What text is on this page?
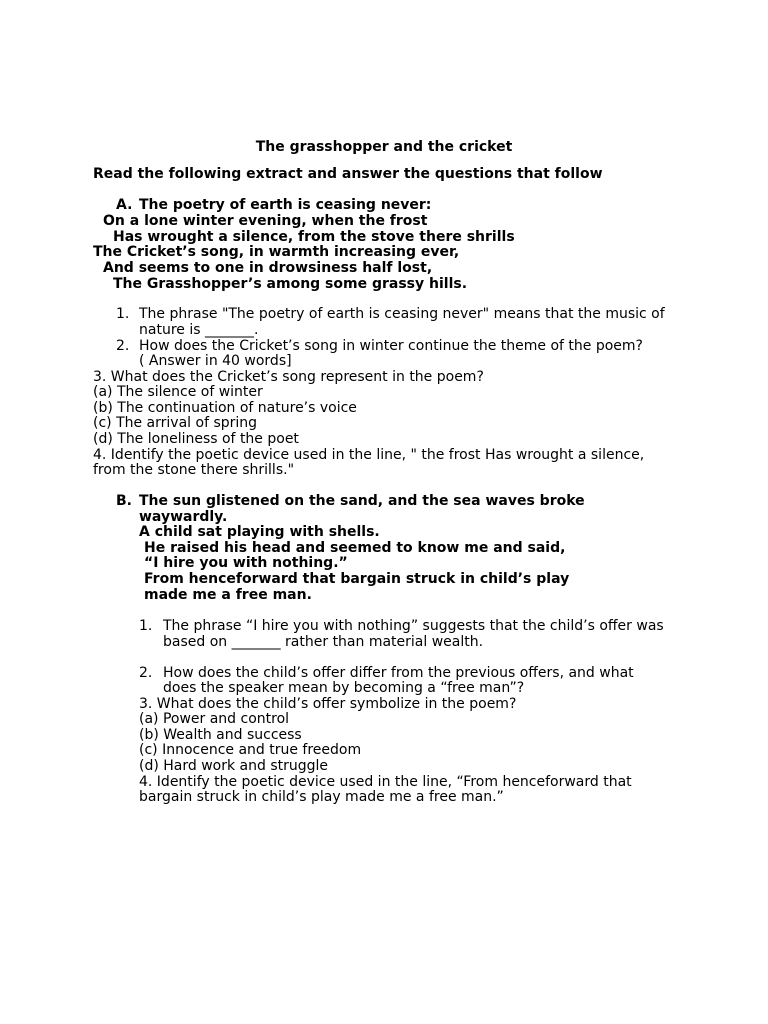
The grasshopper and the cricket
Read the following extract and answer the questions that follow
A. The poetry of earth is ceasing never:
On a lone winter evening, when the frost
Has wrought a silence, from the stove there shrills
The Cricket’s song, in warmth increasing ever,
And seems to one in drowsiness half lost,
The Grasshopper’s among some grassy hills.
1. The phrase "The poetry of earth is ceasing never" means that the music of
nature is _______.
2. How does the Cricket’s song in winter continue the theme of the poem?
( Answer in 40 words]
3. What does the Cricket’s song represent in the poem?
(a) The silence of winter
(b) The continuation of nature’s voice
(c) The arrival of spring
(d) The loneliness of the poet
4. Identify the poetic device used in the line, " the frost Has wrought a silence,
from the stone there shrills."
B. The sun glistened on the sand, and the sea waves broke
waywardly.
A child sat playing with shells.
He raised his head and seemed to know me and said,
“I hire you with nothing.”
From henceforward that bargain struck in child’s play
made me a free man.
1. The phrase “I hire you with nothing” suggests that the child’s offer was
based on _______ rather than material wealth.
2. How does the child’s offer differ from the previous offers, and what
does the speaker mean by becoming a “free man”?
3. What does the child’s offer symbolize in the poem?
(a) Power and control
(b) Wealth and success
(c) Innocence and true freedom
(d) Hard work and struggle
4. Identify the poetic device used in the line, “From henceforward that
bargain struck in child’s play made me a free man.”
